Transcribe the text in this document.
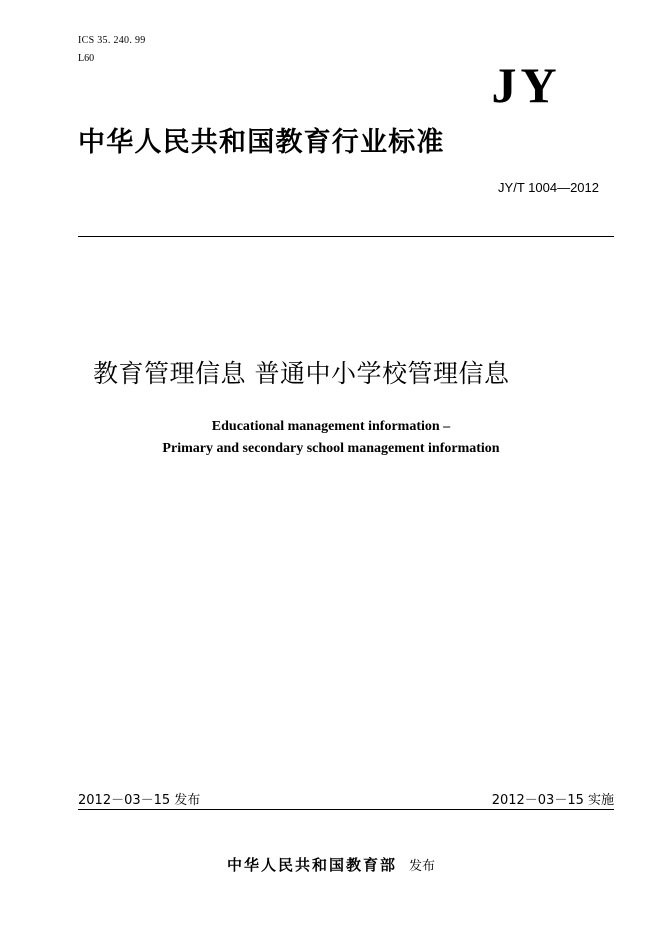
ICS 35. 240. 99
L60	JY
中华人民共和国教育行业标准
JY/T 1004—2012
教育管理信息 普通中小学校管理信息
Educational management information –
Primary and secondary school management information
2012－03－15 发布	2012－03－15 实施
中华人民共和国教育部 发布
